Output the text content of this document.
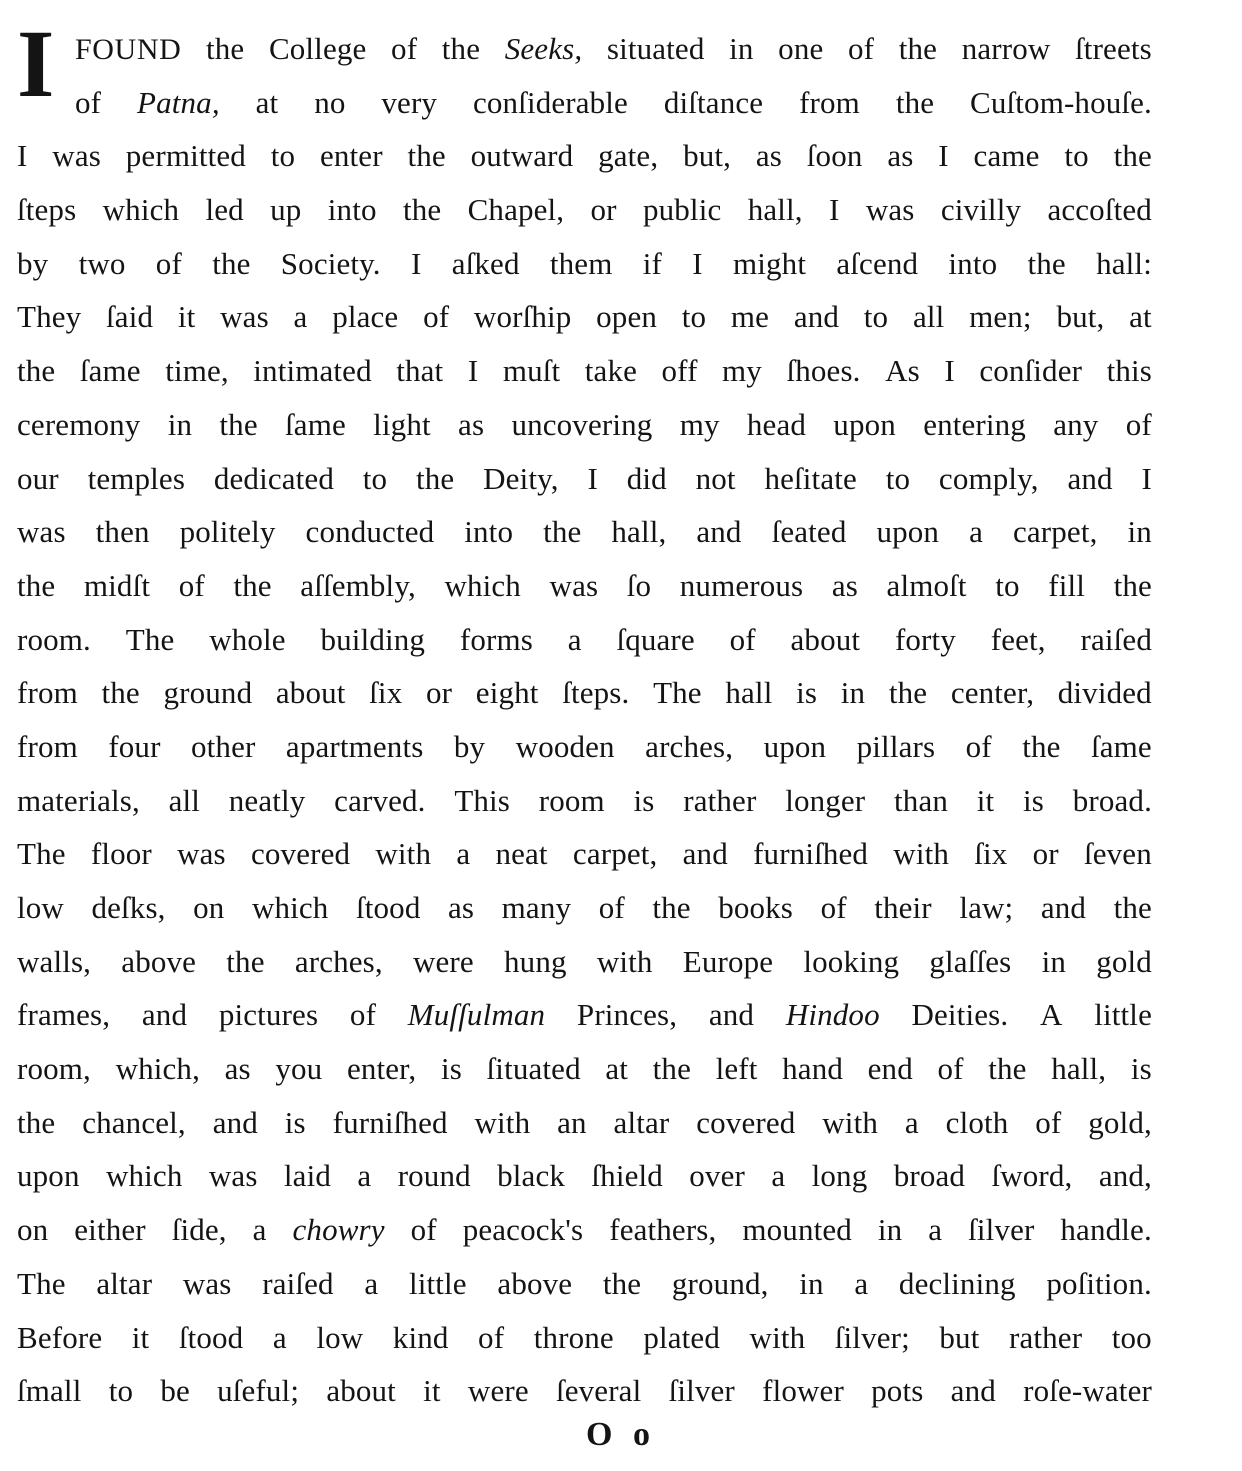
I FOUND the College of the Seeks, situated in one of the narrow ſtreets
of Patna, at no very conſiderable diſtance from the Cuſtom-houſe.
I was permitted to enter the outward gate, but, as ſoon as I came to the
ſteps which led up into the Chapel, or public hall, I was civilly accoſted
by two of the Society. I aſked them if I might aſcend into the hall:
They ſaid it was a place of worſhip open to me and to all men; but, at
the ſame time, intimated that I muſt take off my ſhoes. As I conſider this
ceremony in the ſame light as uncovering my head upon entering any of
our temples dedicated to the Deity, I did not heſitate to comply, and I
was then politely conducted into the hall, and ſeated upon a carpet, in
the midſt of the aſſembly, which was ſo numerous as almoſt to fill the
room. The whole building forms a ſquare of about forty feet, raiſed
from the ground about ſix or eight ſteps. The hall is in the center, divided
from four other apartments by wooden arches, upon pillars of the ſame
materials, all neatly carved. This room is rather longer than it is broad.
The floor was covered with a neat carpet, and furniſhed with ſix or ſeven
low deſks, on which ſtood as many of the books of their law; and the
walls, above the arches, were hung with Europe looking glaſſes in gold
frames, and pictures of Muſſulman Princes, and Hindoo Deities. A little
room, which, as you enter, is ſituated at the left hand end of the hall, is
the chancel, and is furniſhed with an altar covered with a cloth of gold,
upon which was laid a round black ſhield over a long broad ſword, and,
on either ſide, a chowry of peacock's feathers, mounted in a ſilver handle.
The altar was raiſed a little above the ground, in a declining poſition.
Before it ſtood a low kind of throne plated with ſilver; but rather too
ſmall to be uſeful; about it were ſeveral ſilver flower pots and roſe-water
O o
